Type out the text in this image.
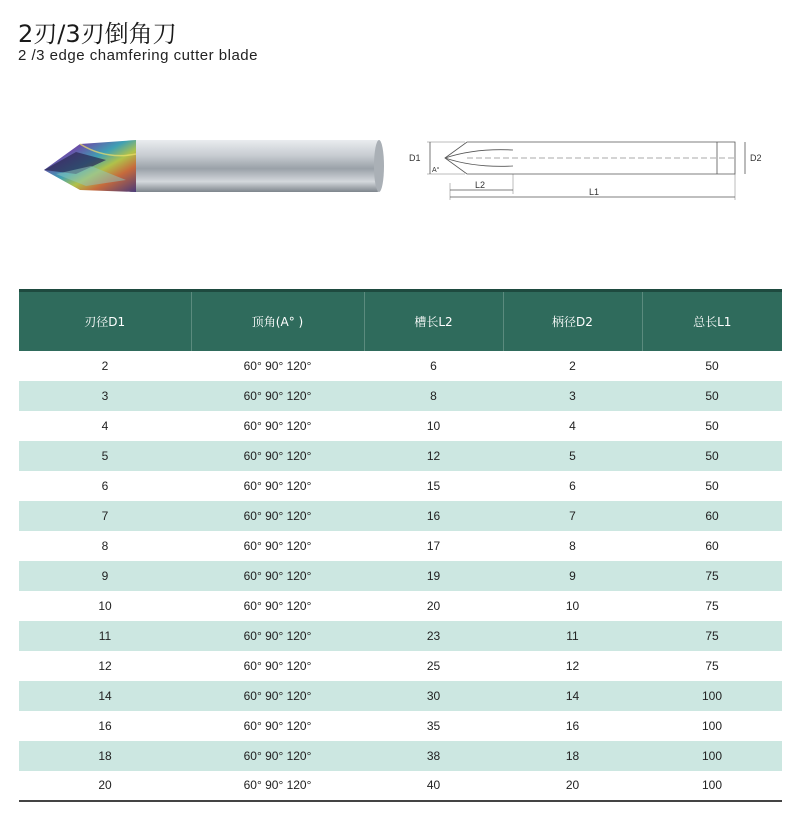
2刃/3刃倒角刀
2 /3 edge chamfering cutter blade
D1	D2
A°
L2
L1
刃径D1	顶角(A° )	槽长L2	柄径D2	总长L1
2	60° 90° 120°	6	2	50
3	60° 90° 120°	8	3	50
4	60° 90° 120°	10	4	50
5	60° 90° 120°	12	5	50
6	60° 90° 120°	15	6	50
7	60° 90° 120°	16	7	60
8	60° 90° 120°	17	8	60
9	60° 90° 120°	19	9	75
10	60° 90° 120°	20	10	75
11	60° 90° 120°	23	11	75
12	60° 90° 120°	25	12	75
14	60° 90° 120°	30	14	100
16	60° 90° 120°	35	16	100
18	60° 90° 120°	38	18	100
20	60° 90° 120°	40	20	100
